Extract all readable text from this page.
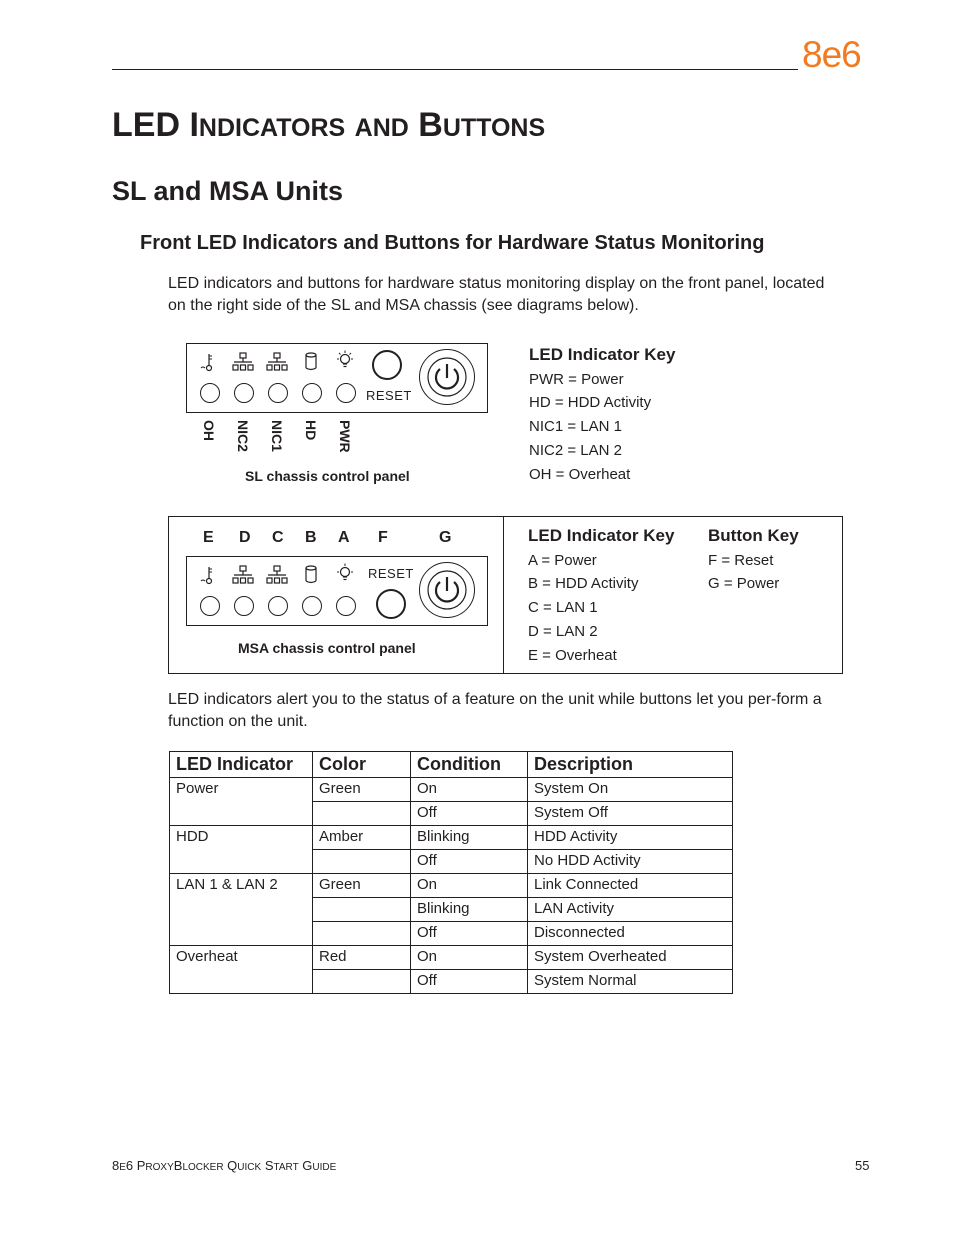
8e6
LED INDICATORS AND BUTTONS
SL and MSA Units
Front LED Indicators and Buttons for Hardware Status Monitoring
LED indicators and buttons for hardware status monitoring display on the front panel, located on the right side of the SL and MSA chassis (see diagrams below).
RESET
OH NIC2 NIC1 HD PWR
SL chassis control panel
LED Indicator Key
PWR = Power
HD = HDD Activity
NIC1 = LAN 1
NIC2 = LAN 2
OH = Overheat
E D C B A F	G
RESET
MSA chassis control panel
LED Indicator Key
A = Power
B = HDD Activity
C = LAN 1
D = LAN 2
E = Overheat
Button Key
F = Reset
G = Power
LED indicators alert you to the status of a feature on the unit while buttons let you per-form a function on the unit.
LED Indicator	Color	Condition	Description
Power	Green	On	System On
		Off	System Off
HDD	Amber	Blinking	HDD Activity
		Off	No HDD Activity
LAN 1 & LAN 2	Green	On	Link Connected
		Blinking	LAN Activity
		Off	Disconnected
Overheat	Red	On	System Overheated
		Off	System Normal
8E6 PROXYBLOCKER QUICK START GUIDE	55
